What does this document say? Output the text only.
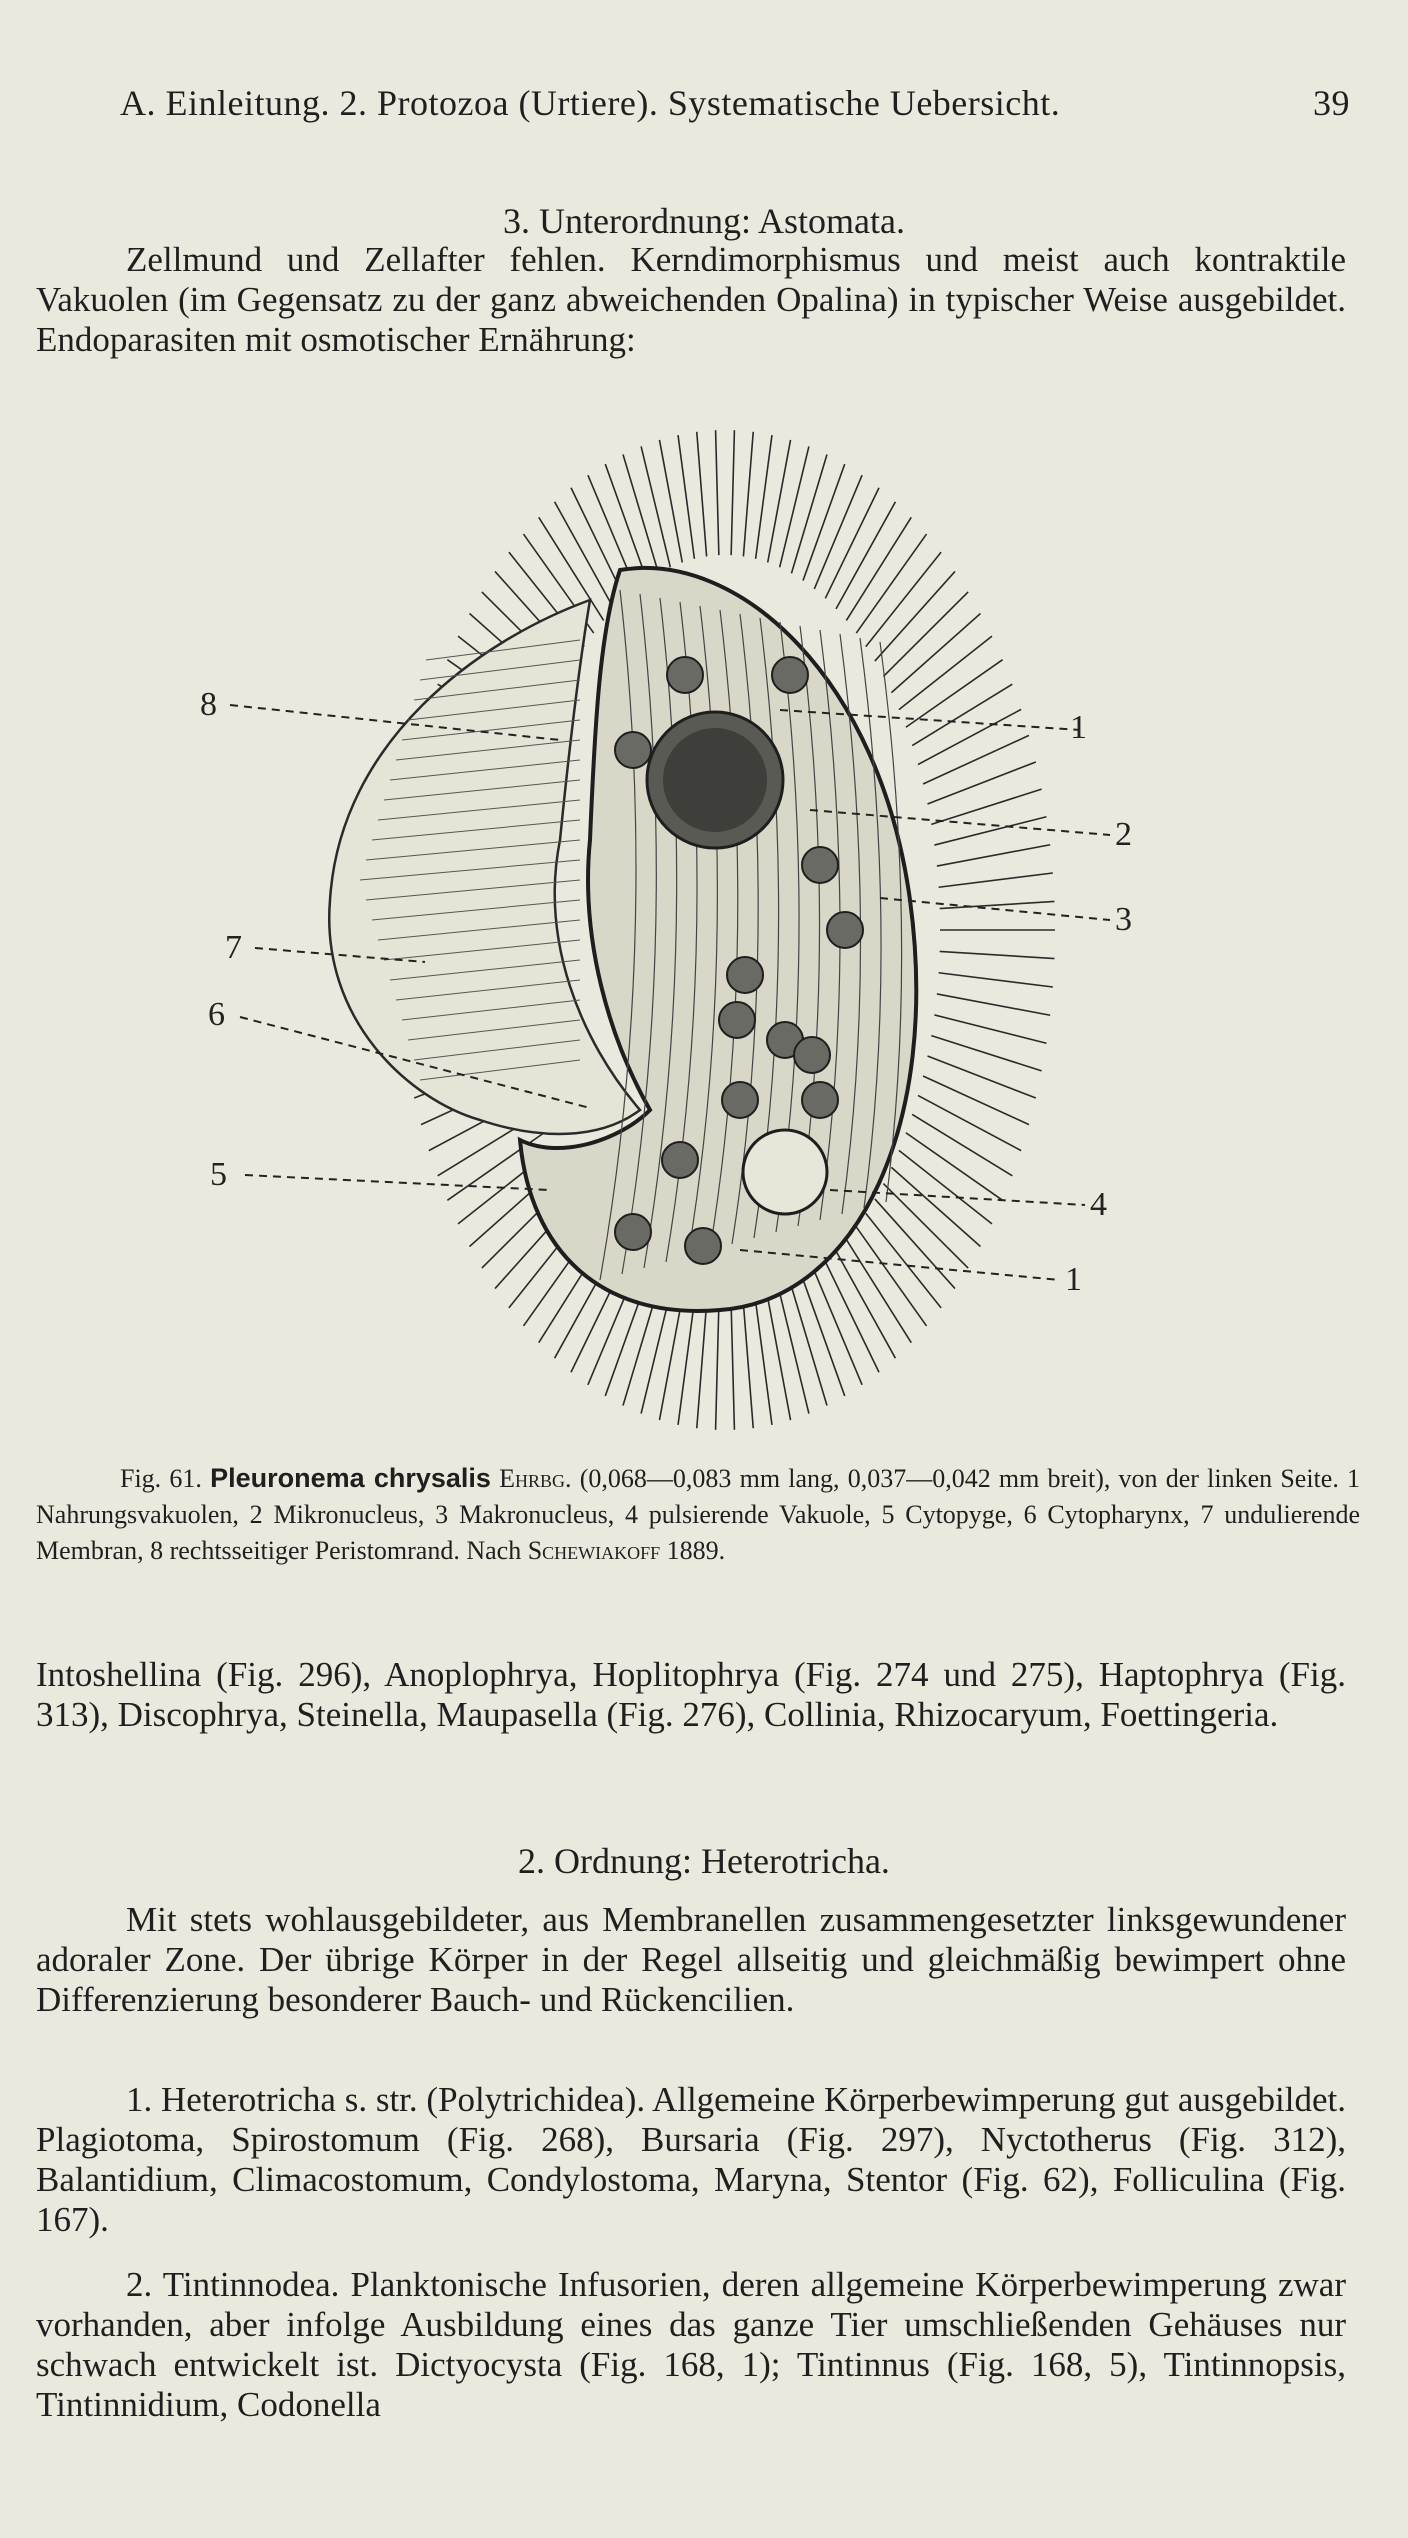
A. Einleitung. 2. Protozoa (Urtiere). Systematische Uebersicht.	39
3. Unterordnung: Astomata.

Zellmund und Zellafter fehlen. Kerndimorphismus und meist auch kontraktile Vakuolen (im Gegensatz zu der ganz abweichenden Opalina) in typischer Weise ausgebildet. Endoparasiten mit osmotischer Ernährung:

1
2
3
4
1
5
6
7
8

Fig. 61. Pleuronema chrysalis Ehrbg. (0,068—0,083 mm lang, 0,037—0,042 mm breit), von der linken Seite. 1 Nahrungsvakuolen, 2 Mikronucleus, 3 Makronucleus, 4 pulsierende Vakuole, 5 Cytopyge, 6 Cytopharynx, 7 undulierende Membran, 8 rechtsseitiger Peristomrand. Nach Schewiakoff 1889.

Intoshellina (Fig. 296), Anoplophrya, Hoplitophrya (Fig. 274 und 275), Haptophrya (Fig. 313), Discophrya, Steinella, Maupasella (Fig. 276), Collinia, Rhizocaryum, Foettingeria.

2. Ordnung: Heterotricha.

Mit stets wohlausgebildeter, aus Membranellen zusammengesetzter linksgewundener adoraler Zone. Der übrige Körper in der Regel allseitig und gleichmäßig bewimpert ohne Differenzierung besonderer Bauch- und Rückencilien.

1. Heterotricha s. str. (Polytrichidea). Allgemeine Körperbewimperung gut ausgebildet. Plagiotoma, Spirostomum (Fig. 268), Bursaria (Fig. 297), Nyctotherus (Fig. 312), Balantidium, Climacostomum, Condylostoma, Maryna, Stentor (Fig. 62), Folliculina (Fig. 167).

2. Tintinnodea. Planktonische Infusorien, deren allgemeine Körperbewimperung zwar vorhanden, aber infolge Ausbildung eines das ganze Tier umschließenden Gehäuses nur schwach entwickelt ist. Dictyocysta (Fig. 168, 1); Tintinnus (Fig. 168, 5), Tintinnopsis, Tintinnidium, Codonella
